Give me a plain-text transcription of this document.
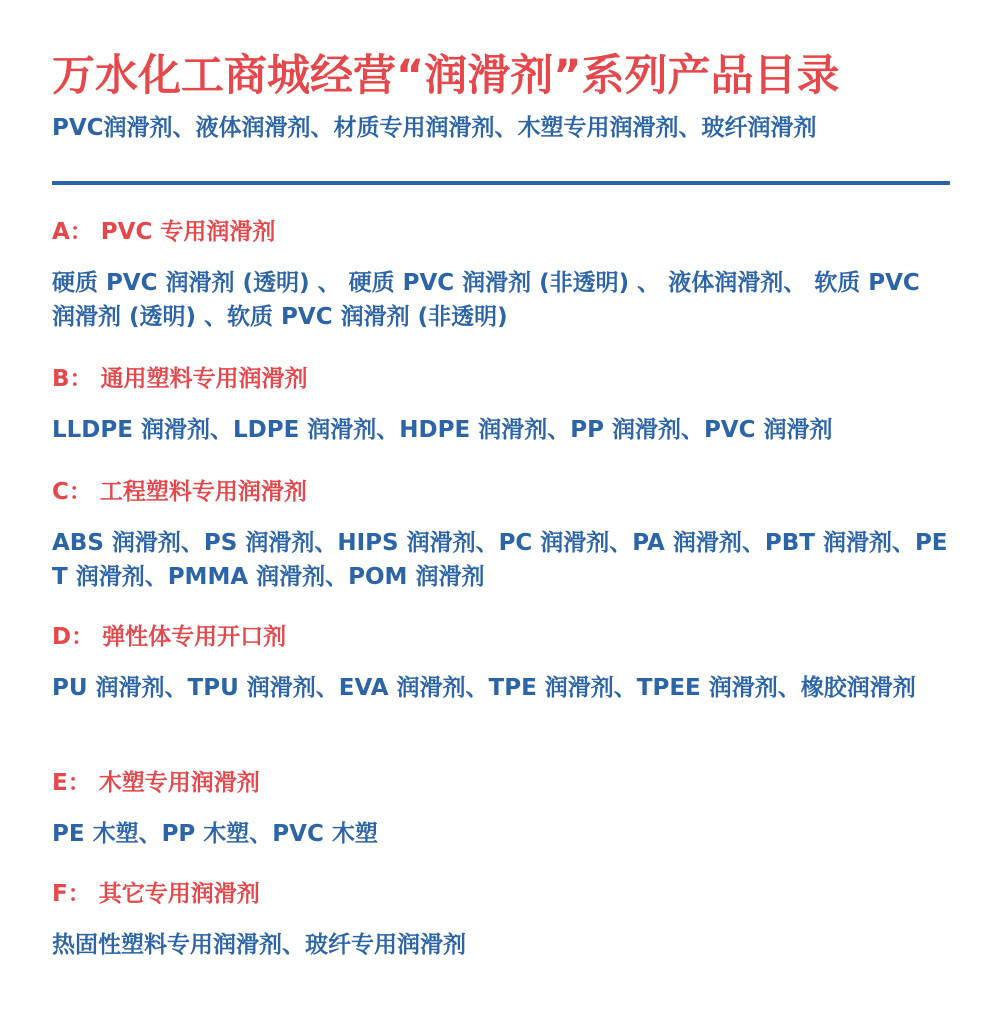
万水化工商城经营“润滑剂”系列产品目录
PVC润滑剂、液体润滑剂、材质专用润滑剂、木塑专用润滑剂、玻纤润滑剂
A： PVC 专用润滑剂
硬质 PVC 润滑剂 (透明) 、 硬质 PVC 润滑剂 (非透明) 、 液体润滑剂、 软质 PVC 润滑剂 (透明) 、软质 PVC 润滑剂 (非透明)
B： 通用塑料专用润滑剂
LLDPE 润滑剂、LDPE 润滑剂、HDPE 润滑剂、PP 润滑剂、PVC 润滑剂
C： 工程塑料专用润滑剂
ABS 润滑剂、PS 润滑剂、HIPS 润滑剂、PC 润滑剂、PA 润滑剂、PBT 润滑剂、PET 润滑剂、PMMA 润滑剂、POM 润滑剂
D： 弹性体专用开口剂
PU 润滑剂、TPU 润滑剂、EVA 润滑剂、TPE 润滑剂、TPEE 润滑剂、橡胶润滑剂
E： 木塑专用润滑剂
PE 木塑、PP 木塑、PVC 木塑
F： 其它专用润滑剂
热固性塑料专用润滑剂、玻纤专用润滑剂
